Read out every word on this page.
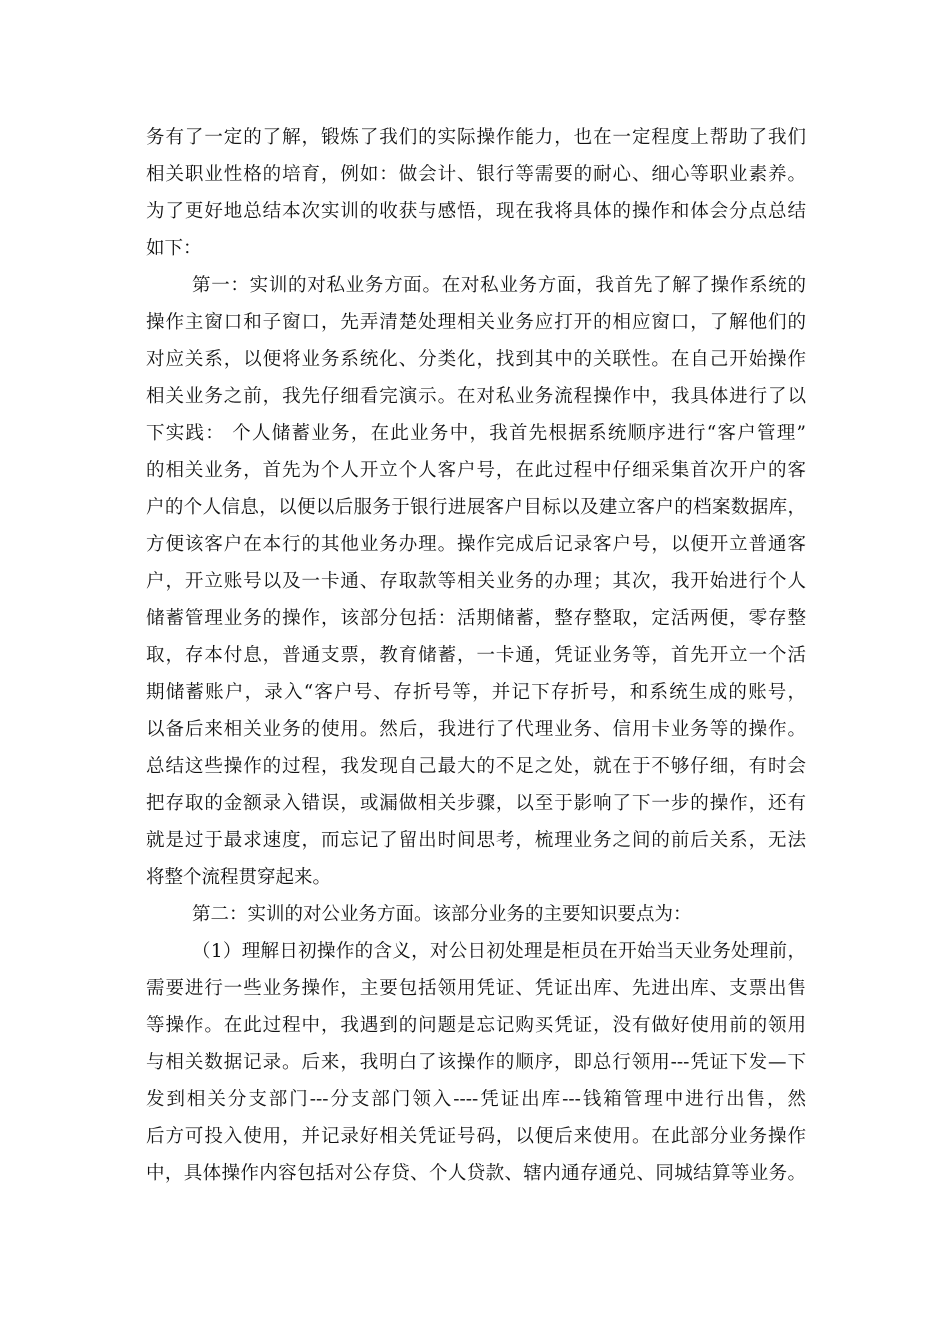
务有了一定的了解，锻炼了我们的实际操作能力，也在一定程度上帮助了我们
相关职业性格的培育，例如：做会计、银行等需要的耐心、细心等职业素养。
为了更好地总结本次实训的收获与感悟，现在我将具体的操作和体会分点总结
如下：
第一：实训的对私业务方面。在对私业务方面，我首先了解了操作系统的
操作主窗口和子窗口，先弄清楚处理相关业务应打开的相应窗口，了解他们的
对应关系，以便将业务系统化、分类化，找到其中的关联性。在自己开始操作
相关业务之前，我先仔细看完演示。在对私业务流程操作中，我具体进行了以
下实践： 个人储蓄业务，在此业务中，我首先根据系统顺序进行“客户管理”
的相关业务，首先为个人开立个人客户号，在此过程中仔细采集首次开户的客
户的个人信息，以便以后服务于银行进展客户目标以及建立客户的档案数据库，
方便该客户在本行的其他业务办理。操作完成后记录客户号，以便开立普通客
户，开立账号以及一卡通、存取款等相关业务的办理；其次，我开始进行个人
储蓄管理业务的操作，该部分包括：活期储蓄，整存整取，定活两便，零存整
取，存本付息，普通支票，教育储蓄，一卡通，凭证业务等，首先开立一个活
期储蓄账户，录入“客户号、存折号等，并记下存折号，和系统生成的账号，
以备后来相关业务的使用。然后，我进行了代理业务、信用卡业务等的操作。
总结这些操作的过程，我发现自己最大的不足之处，就在于不够仔细，有时会
把存取的金额录入错误，或漏做相关步骤，以至于影响了下一步的操作，还有
就是过于最求速度，而忘记了留出时间思考，梳理业务之间的前后关系，无法
将整个流程贯穿起来。
第二：实训的对公业务方面。该部分业务的主要知识要点为：
（1）理解日初操作的含义，对公日初处理是柜员在开始当天业务处理前，
需要进行一些业务操作，主要包括领用凭证、凭证出库、先进出库、支票出售
等操作。在此过程中，我遇到的问题是忘记购买凭证，没有做好使用前的领用
与相关数据记录。后来，我明白了该操作的顺序，即总行领用---凭证下发—下
发到相关分支部门---分支部门领入----凭证出库---钱箱管理中进行出售，然
后方可投入使用，并记录好相关凭证号码，以便后来使用。在此部分业务操作
中，具体操作内容包括对公存贷、个人贷款、辖内通存通兑、同城结算等业务。
